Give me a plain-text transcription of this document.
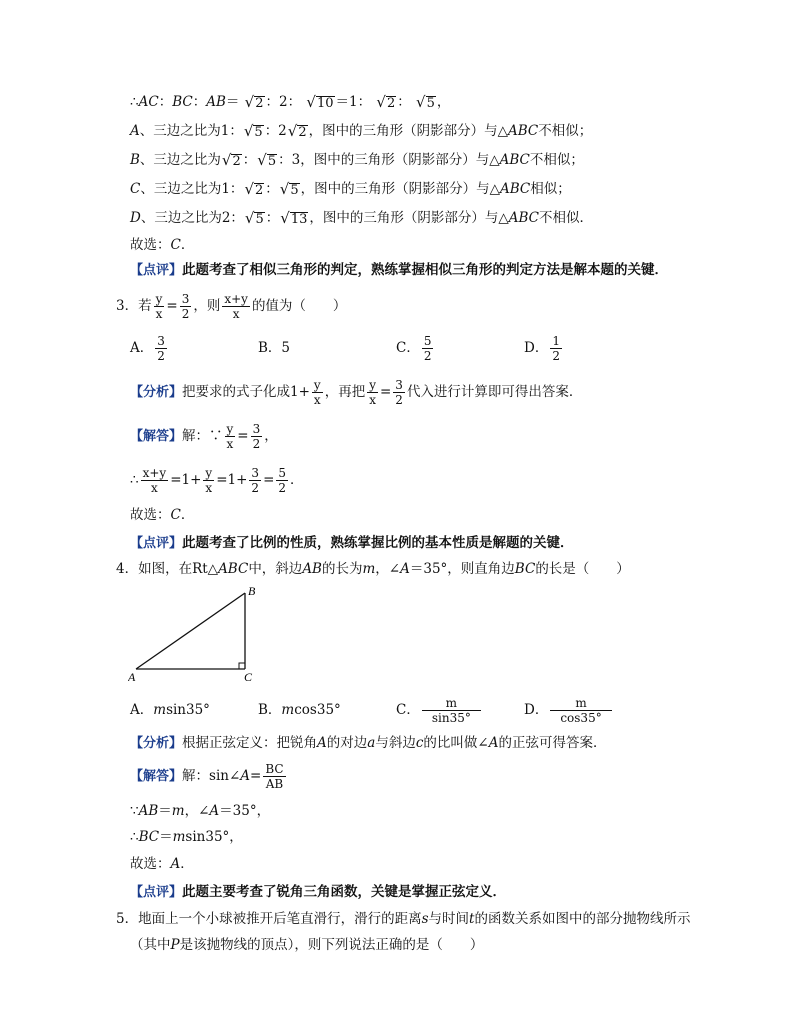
∴AC：BC：AB＝ √2 ：2： √10 ＝1： √2 ： √5 ，
A、三边之比为1：√5 ：2√2 ，图中的三角形（阴影部分）与△ABC不相似；
B、三边之比为√2 ：√5 ：3，图中的三角形（阴影部分）与△ABC不相似；
C、三边之比为1：√2 ：√5 ，图中的三角形（阴影部分）与△ABC相似；
D、三边之比为2：√5 ：√13 ，图中的三角形（阴影部分）与△ABC不相似．
故选：C．
【点评】此题考查了相似三角形的判定，熟练掌握相似三角形的判定方法是解本题的关键．
3．若 $\frac{y}{x} = \frac{3}{2}$ ，则 $\frac{x+y}{x}$ 的值为（　　）
A． $\frac{3}{2}$	B．5	C． $\frac{5}{2}$	D． $\frac{1}{2}$
【分析】把要求的式子化成$1+ \frac{y}{x}$ ，再把 $\frac{y}{x} = \frac{3}{2}$ 代入进行计算即可得出答案．
【解答】解：∵ $\frac{y}{x} = \frac{3}{2}$ ，
∴ $\frac{x+y}{x} =1+ \frac{y}{x} =1+ \frac{3}{2} = \frac{5}{2}$ ．
故选：C．
【点评】此题考查了比例的性质，熟练掌握比例的基本性质是解题的关键．
4．如图，在Rt△ABC中，斜边AB的长为m，∠A＝35°，则直角边BC的长是（　　）
A
B
C
A．msin35°	B．mcos35°	C． $\frac{m}{\sin 35^\circ}$	D． $\frac{m}{\cos 35^\circ}$
【分析】根据正弦定义：把锐角A的对边a与斜边c的比叫做∠A的正弦可得答案．
【解答】解：sin∠A= $\frac{BC}{AB}$
∵AB＝m，∠A＝35°，
∴BC＝msin35°，
故选：A．
【点评】此题主要考查了锐角三角函数，关键是掌握正弦定义．
5．地面上一个小球被推开后笔直滑行，滑行的距离s与时间t的函数关系如图中的部分抛物线所示
（其中P是该抛物线的顶点），则下列说法正确的是（　　）
